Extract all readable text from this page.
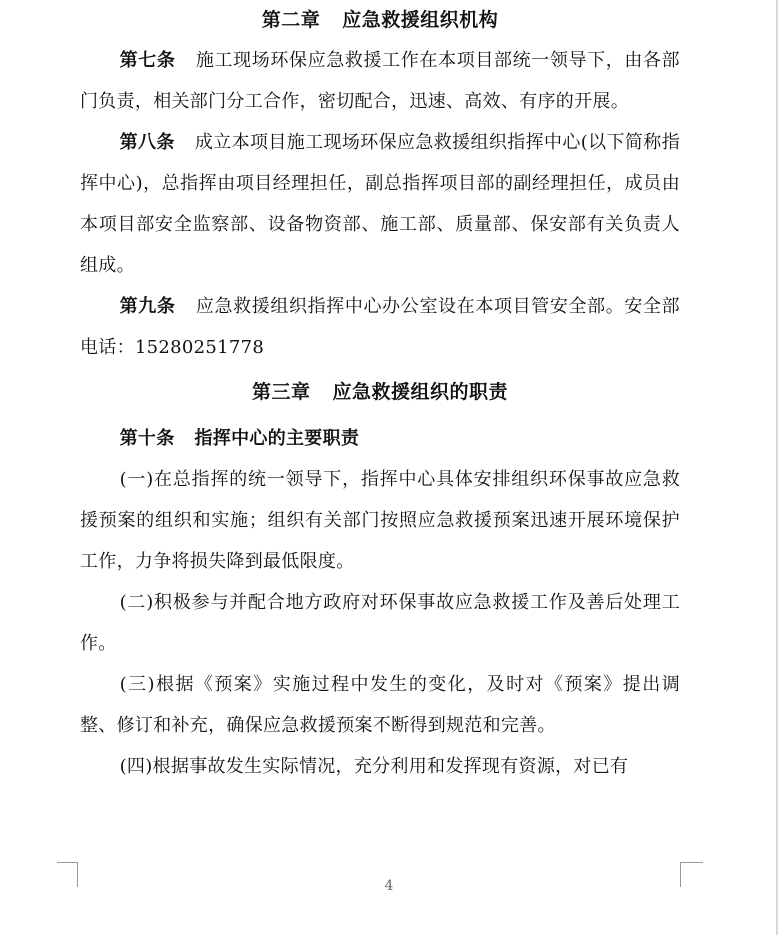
第二章 应急救援组织机构

第七条 施工现场环保应急救援工作在本项目部统一领导下，由各部门负责，相关部门分工合作，密切配合，迅速、高效、有序的开展。

第八条 成立本项目施工现场环保应急救援组织指挥中心(以下简称指挥中心)，总指挥由项目经理担任，副总指挥项目部的副经理担任，成员由本项目部安全监察部、设备物资部、施工部、质量部、保安部有关负责人组成。

第九条 应急救援组织指挥中心办公室设在本项目管安全部。安全部电话：15280251778

第三章 应急救援组织的职责

第十条 指挥中心的主要职责

(一)在总指挥的统一领导下，指挥中心具体安排组织环保事故应急救援预案的组织和实施；组织有关部门按照应急救援预案迅速开展环境保护工作，力争将损失降到最低限度。

(二)积极参与并配合地方政府对环保事故应急救援工作及善后处理工作。

(三)根据《预案》实施过程中发生的变化，及时对《预案》提出调整、修订和补充，确保应急救援预案不断得到规范和完善。

(四)根据事故发生实际情况，充分利用和发挥现有资源，对已有

4
